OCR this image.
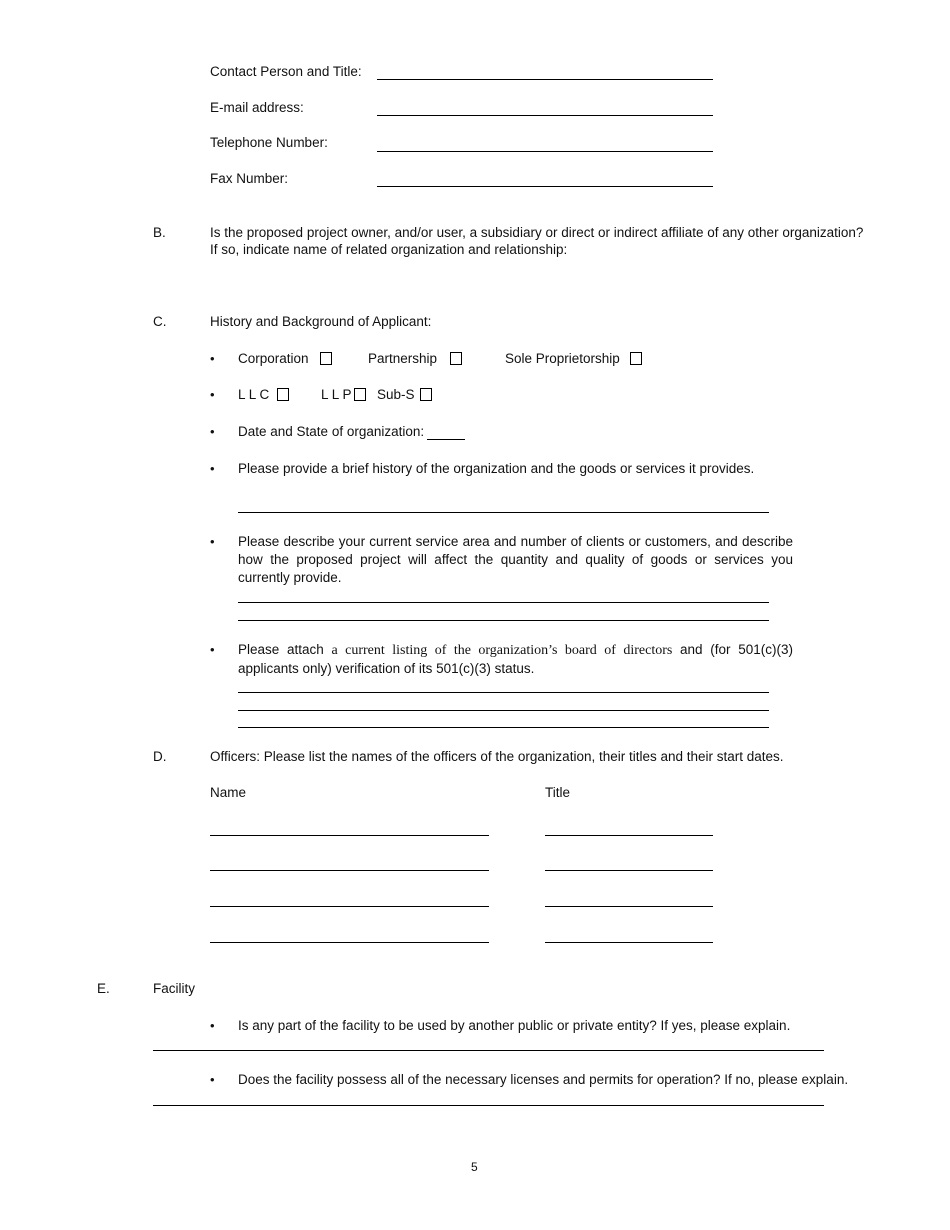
Contact Person and Title:
E-mail address:
Telephone Number:
Fax Number:
B.	Is the proposed project owner, and/or user, a subsidiary or direct or indirect affiliate of any other organization?
If so, indicate name of related organization and relationship:
C.	History and Background of Applicant:
• Corporation	Partnership	Sole Proprietorship
• L L C	L L P Sub-S
• Date and State of organization:
• Please provide a brief history of the organization and the goods or services it provides.
• Please describe your current service area and number of clients or customers, and describe how the proposed project will affect the quantity and quality of goods or services you currently provide.
• Please attach a current listing of the organization’s board of directors and (for 501(c)(3) applicants only) verification of its 501(c)(3) status.
D.	Officers: Please list the names of the officers of the organization, their titles and their start dates.
Name	Title
E.	Facility
• Is any part of the facility to be used by another public or private entity? If yes, please explain.
• Does the facility possess all of the necessary licenses and permits for operation? If no, please explain.
5
